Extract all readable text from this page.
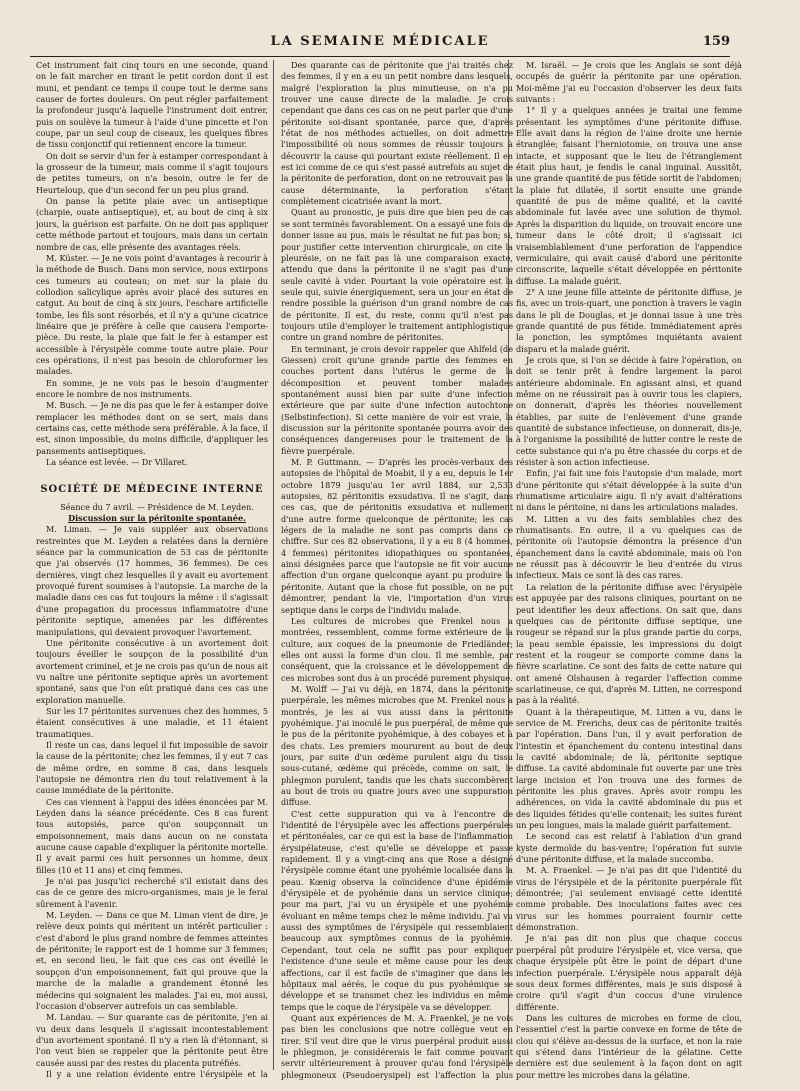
LA SEMAINE MÉDICALE	159

Cet instrument fait cinq tours en une seconde, quand on le fait marcher en tirant le petit cordon dont il est muni, et pendant ce temps il coupe tout le derme sans causer de fortes douleurs. On peut régler parfaitement la profondeur jusqu'à laquelle l'instrument doit entrer, puis on soulève la tumeur à l'aide d'une pincette et l'on coupe, par un seul coup de ciseaux, les quelques fibres de tissu conjonctif qui retiennent encore la tumeur.

On doit se servir d'un fer à estamper correspondant à la grosseur de la tumeur, mais comme il s'agit toujours de petites tumeurs, on n'a besoin, outre le fer de Heurteloup, que d'un second fer un peu plus grand.

On panse la petite plaie avec un antiseptique (charpie, ouate antiseptique), et, au bout de cinq à six jours, la guérison est parfaite. On ne doit pas appliquer cette méthode partout et toujours, mais dans un certain nombre de cas, elle présente des avantages réels.

M. Küster. — Je ne vois point d'avantages à recourir à la méthode de Busch. Dans mon service, nous extirpons ces tumeurs au couteau; on met sur la plaie du collodion salicylique après avoir placé des sutures en catgut. Au bout de cinq à six jours, l'eschare artificielle tombe, les fils sont résorbés, et il n'y a qu'une cicatrice linéaire que je préfère à celle que causera l'emporte-pièce. Du reste, la plaie que fait le fer à estamper est accessible à l'érysipèle comme toute autre plaie. Pour ces opérations, il n'est pas besoin de chloroformer les malades.

En somme, je ne vois pas le besoin d'augmenter encore le nombre de nos instruments.

M. Busch. — Je ne dis pas que le fer à estamper doive remplacer les méthodes dont on se sert, mais dans certains cas, cette méthode sera préférable. À la face, il est, sinon impossible, du moins difficile, d'appliquer les pansements antiseptiques.

La séance est levée. — Dr Villaret.

SOCIÉTÉ DE MÉDECINE INTERNE

Séance du 7 avril. — Présidence de M. Leyden.

Discussion sur la péritonite spontanée.

M. Liman. — Je vais suppléer aux observations restreintes que M. Leyden a relatées dans la dernière séance par la communication de 53 cas de péritonite que j'ai observés (17 hommes, 36 femmes). De ces dernières, vingt chez lesquelles il y avait eu avortement provoqué furent soumises à l'autopsie. La marche de la maladie dans ces cas fut toujours la même : il s'agissait d'une propagation du processus inflammatoire d'une péritonite septique, amenées par les différentes manipulations, qui devaient provoquer l'avortement.

Une péritonite consécutive à un avortement doit toujours éveiller le soupçon de la possibilité d'un avortement criminel, et je ne crois pas qu'un de nous ait vu naître une péritonite septique après un avortement spontané, sans que l'on eût pratiqué dans ces cas une exploration manuelle.

Sur les 17 péritonites survenues chez des hommes, 5 étaient consécutives à une maladie, et 11 étaient traumatiques.

Il reste un cas, dans lequel il fut impossible de savoir la cause de la péritonite; chez les femmes, il y eut 7 cas de même ordre, en somme 8 cas, dans lesquels l'autopsie ne démontra rien du tout relativement à la cause immédiate de la péritonite.

Ces cas viennent à l'appui des idées énoncées par M. Leyden dans la séance précédente. Ces 8 cas furent tous autopsiés, parce qu'on soupçonnait un empoisonnement, mais dans aucun on ne constata aucune cause capable d'expliquer la péritonite mortelle. Il y avait parmi ces huit personnes un homme, deux filles (10 et 11 ans) et cinq femmes.

Je n'ai pas jusqu'ici recherché s'il existait dans des cas de ce genre des micro-organismes, mais je le ferai sûrement à l'avenir.

M. Leyden. — Dans ce que M. Liman vient de dire, je relève deux points qui méritent un intérêt particulier : c'est d'abord le plus grand nombre de femmes atteintes de péritonite; le rapport est de 1 homme sur 3 femmes; et, en second lieu, le fait que ces cas ont éveillé le soupçon d'un empoisonnement, fait qui prouve que la marche de la maladie a grandement étonné les médecins qui soignaient les malades. J'ai eu, moi aussi, l'occasion d'observer autrefois un cas semblable.

M. Landau. — Sur quarante cas de péritonite, j'en ai vu deux dans lesquels il s'agissait incontestablement d'un avortement spontané. Il n'y a rien là d'étonnant, si l'on veut bien se rappeler que la péritonite peut être causée aussi par des restes du placenta putréfiés.

Il y a une relation évidente entre l'érysipèle et la

Des quarante cas de péritonite que j'ai traités chez des femmes, il y en a eu un petit nombre dans lesquels, malgré l'exploration la plus minutieuse, on n'a pu trouver une cause directe de la maladie. Je crois cependant que dans ces cas on ne peut parler que d'une péritonite soi-disant spontanée, parce que, d'après l'état de nos méthodes actuelles, on doit admettre l'impossibilité où nous sommes de réussir toujours à découvrir la cause qui pourtant existe réellement. Il en est ici comme de ce qui s'est passé autrefois au sujet de la péritonite de perforation, dont on ne retrouvait pas la cause déterminante, la perforation s'étant complètement cicatrisée avant la mort.

Quant au pronostic, je puis dire que bien peu de cas se sont terminés favorablement. On a essayé une fois de donner issue au pus, mais le résultat ne fut pas bon; si, pour justifier cette intervention chirurgicale, on cite la pleurésie, on ne fait pas là une comparaison exacte, attendu que dans la péritonite il ne s'agit pas d'une seule cavité à vider. Pourtant la voie opératoire est la seule qui, suivie énergiquement, sera un jour en état de rendre possible la guérison d'un grand nombre de cas de péritonite. Il est, du reste, connu qu'il n'est pas toujours utile d'employer le traitement antiphlogistique contre un grand nombre de péritonites.

En terminant, je crois devoir rappeler que Ahlfeld (de Giessen) croit qu'une grande partie des femmes en couches portent dans l'utérus le germe de la décomposition et peuvent tomber malades spontanément aussi bien par suite d'une infection extérieure que par suite d'une infection autochtone (Selbstinfection). Si cette manière de voir est vraie, la discussion sur la péritonite spontanée pourra avoir des conséquences dangereuses pour le traitement de la fièvre puerpérale.

M. P. Guttmann. — D'après les procès-verbaux des autopsies de l'hôpital de Moabit, il y a eu, depuis le 1er octobre 1879 jusqu'au 1er avril 1884, sur 2,533 autopsies, 82 péritonitis exsudativa. Il ne s'agit, dans ces cas, que de péritonitis exsudativa et nullement d'une autre forme quelconque de péritonite; les cas légers de la maladie ne sont pas compris dans ce chiffre. Sur ces 82 observations, il y a eu 8 (4 hommes, 4 femmes) péritonites idiopathiques ou spontanées, ainsi désignées parce que l'autopsie ne fit voir aucune affection d'un organe quelconque ayant pu produire la péritonite. Autant que la chose fut possible, on ne put démontrer, pendant la vie, l'importation d'un virus septique dans le corps de l'individu malade.

Les cultures de microbes que Frenkel nous a montrées, ressemblent, comme forme extérieure de la culture, aux coques de la pneumonie de Friedländer; elles ont aussi la forme d'un clou. Il me semble, par conséquent, que la croissance et le développement de ces microbes sont dus à un procédé purement physique.

M. Wolff — J'ai vu déjà, en 1874, dans la péritonite puerpérale, les mêmes microbes que M. Frenkel nous a montrés, je les ai vus aussi dans la péritonite pyohémique. J'ai inoculé le pus puerpéral, de même que le pus de la péritonite pyohémique, à des cobayes et à des chats. Les premiers moururent au bout de deux jours, par suite d'un œdème purulent aigu du tissu sous-cutané, œdème qui précède, comme on sait, le phlegmon purulent, tandis que les chats succombèrent au bout de trois ou quatre jours avec une suppuration diffuse.

C'est cette suppuration qui va à l'encontre de l'identité de l'érysipèle avec les affections puerpérales et péritonéales, car ce qui est la base de l'inflammation érysipélateuse, c'est qu'elle se développe et passe rapidement. Il y a vingt-cinq ans que Rose a désigné l'érysipèle comme étant une pyohémie localisée dans la peau. Kœnig observa la coïncidence d'une épidémie d'érysipèle et de pyohémie dans un service clinique; pour ma part, j'ai vu un érysipèle et une pyohémie évoluant en même temps chez le même individu. J'ai vu aussi des symptômes de l'érysipèle qui ressemblaient beaucoup aux symptômes connus de la pyohémie. Cependant, tout cela ne suffit pas pour expliquer l'existence d'une seule et même cause pour les deux affections, car il est facile de s'imaginer que dans les hôpitaux mal aérés, le coque du pus pyohémique se développe et se transmet chez les individus en même temps que le coque de l'érysipèle va se développer.

Quant aux expériences de M. A. Fraenkel, je ne vois pas bien les conclusions que notre collègue veut en tirer. S'il veut dire que le virus puerpéral produit aussi le phlegmon, je considérerais le fait comme pouvant servir ultérieurement à prouver qu'au fond l'érysipèle phlegmoneux (Pseudoerysipel) est l'affection la plus

M. Israël. — Je crois que les Anglais se sont déjà occupés de guérir la péritonite par une opération. Moi-même j'ai eu l'occasion d'observer les deux faits suivants :

1° Il y a quelques années je traitai une femme présentant les symptômes d'une péritonite diffuse. Elle avait dans la région de l'aine droite une hernie étranglée; faisant l'herniotomie, on trouva une anse intacte, et supposant que le lieu de l'étranglement était plus haut, je fendis le canal inguinal. Aussitôt, une grande quantité de pus fétide sortit de l'abdomen; la plaie fut dilatée, il sortit ensuite une grande quantité de pus de même qualité, et la cavité abdominale fut lavée avec une solution de thymol. Après la disparition du liquide, on trouvait encore une tumeur dans le côté droit; il s'agissait ici vraisemblablement d'une perforation de l'appendice vermiculaire, qui avait causé d'abord une péritonite circonscrite, laquelle s'était développée en péritonite diffuse. La malade guérit.

2° A une jeune fille atteinte de péritonite diffuse, je fis, avec un trois-quart, une ponction à travers le vagin dans le pli de Douglas, et je donnai issue à une très grande quantité de pus fétide. Immédiatement après la ponction, les symptômes inquiétants avaient disparu et la malade guérit.

Je crois que, si l'on se décide à faire l'opération, on doit se tenir prêt à fendre largement la paroi antérieure abdominale. En agissant ainsi, et quand même on ne réussirait pas à ouvrir tous les clapiers, on donnerait, d'après les théories nouvellement établies, par suite de l'enlèvement d'une grande quantité de substance infectieuse, on donnerait, dis-je, à l'organisme la possibilité de lutter contre le reste de cette substance qui n'a pu être chassée du corps et de résister à son action infectieuse.

Enfin, j'ai fait une fois l'autopsie d'un malade, mort d'une péritonite qui s'était développée à la suite d'un rhumatisme articulaire aigu. Il n'y avait d'altérations ni dans le péritoine, ni dans les articulations malades.

M. Litten a vu des faits semblables chez des rhumatisants. En outre, il a vu quelques cas de péritonite où l'autopsie démontra la présence d'un épanchement dans la cavité abdominale, mais où l'on ne réussit pas à découvrir le lieu d'entrée du virus infectieux. Mais ce sont là des cas rares.

La relation de la péritonite diffuse avec l'érysipèle est appuyée par des raisons cliniques, pourtant on ne peut identifier les deux affections. On sait que, dans quelques cas de péritonite diffuse septique, une rougeur se répand sur la plus grande partie du corps, la peau semble épaissie, les impressions du doigt restent et la rougeur se comporte comme dans la fièvre scarlatine. Ce sont des faits de cette nature qui ont amené Olshausen à regarder l'affection comme scarlatineuse, ce qui, d'après M. Litten, ne correspond pas à la réalité.

Quant à la thérapeutique, M. Litten a vu, dans le service de M. Frerichs, deux cas de péritonite traités par l'opération. Dans l'un, il y avait perforation de l'intestin et épanchement du contenu intestinal dans la cavité abdominale; de là, péritonite septique diffuse. La cavité abdominale fut ouverte par une très large incision et l'on trouva une des formes de péritonite les plus graves. Après avoir rompu les adhérences, on vida la cavité abdominale du pus et des liquides fétides qu'elle contenait; les suites furent un peu longues, mais la malade guérit parfaitement.

Le second cas est relatif à l'ablation d'un grand kyste dermoïde du bas-ventre; l'opération fut suivie d'une péritonite diffuse, et la malade succomba.

M. A. Fraenkel. — Je n'ai pas dit que l'identité du virus de l'érysipèle et de la péritonite puerpérale fût démontrée; j'ai seulement envisagé cette identité comme probable. Des inoculations faites avec ces virus sur les hommes pourraient fournir cette démonstration.

Je n'ai pas dit non plus que chaque coccus puerpéral pût produire l'érysipèle et, vice versa, que chaque érysipèle pût être le point de départ d'une infection puerpérale. L'érysipèle nous apparaît déjà sous deux formes différentes, mais je suis disposé à croire qu'il s'agit d'un coccus d'une virulence différente.

Dans les cultures de microbes en forme de clou, l'essentiel c'est la partie convexe en forme de tête de clou qui s'élève au-dessus de la surface, et non la raie qui s'étend dans l'intérieur de la gélatine. Cette dernière est due seulement à la façon dont on agit pour mettre les microbes dans la gélatine.
